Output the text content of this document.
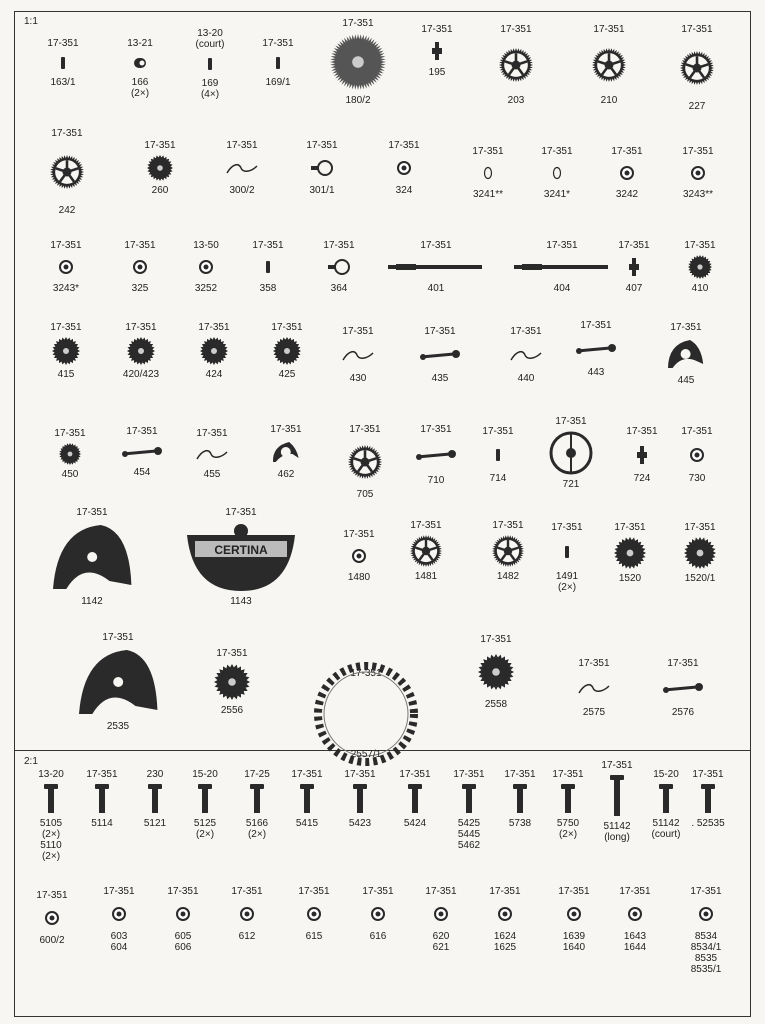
1:1
2:1
17-351
163/1
13-21
166
(2×)
13-20
(court)
169
(4×)
17-351
169/1
17-351
180/2
17-351
195
17-351
203
17-351
210
17-351
227
17-351
242
17-351
260
17-351
300/2
17-351
301/1
17-351
324
17-351
3241**
17-351
3241*
17-351
3242
17-351
3243**
17-351
3243*
17-351
325
13-50
3252
17-351
358
17-351
364
17-351
401
17-351
404
17-351
407
17-351
410
17-351
415
17-351
420/423
17-351
424
17-351
425
17-351
430
17-351
435
17-351
440
17-351
443
17-351
445
17-351
450
17-351
454
17-351
455
17-351
462
17-351
705
17-351
710
17-351
714
17-351
721
17-351
724
17-351
730
17-351
1142
17-351
CERTINA
1143
17-351
1480
17-351
1481
17-351
1482
17-351
1491
(2×)
17-351
1520
17-351
1520/1
17-351
2535
17-351
2556
17-351
2557/1
17-351
2558
17-351
2575
17-351
2576
13-20
5105
(2×)
5110
(2×)
17-351
5114
230
5121
15-20
5125
(2×)
17-25
5166
(2×)
17-351
5415
17-351
5423
17-351
5424
17-351
5425
5445
5462
17-351
5738
17-351
5750
(2×)
17-351
51142
(long)
15-20
51142
(court)
17-351
. 52535
17-351
600/2
17-351
603
604
17-351
605
606
17-351
612
17-351
615
17-351
616
17-351
620
621
17-351
1624
1625
17-351
1639
1640
17-351
1643
1644
17-351
8534
8534/1
8535
8535/1
